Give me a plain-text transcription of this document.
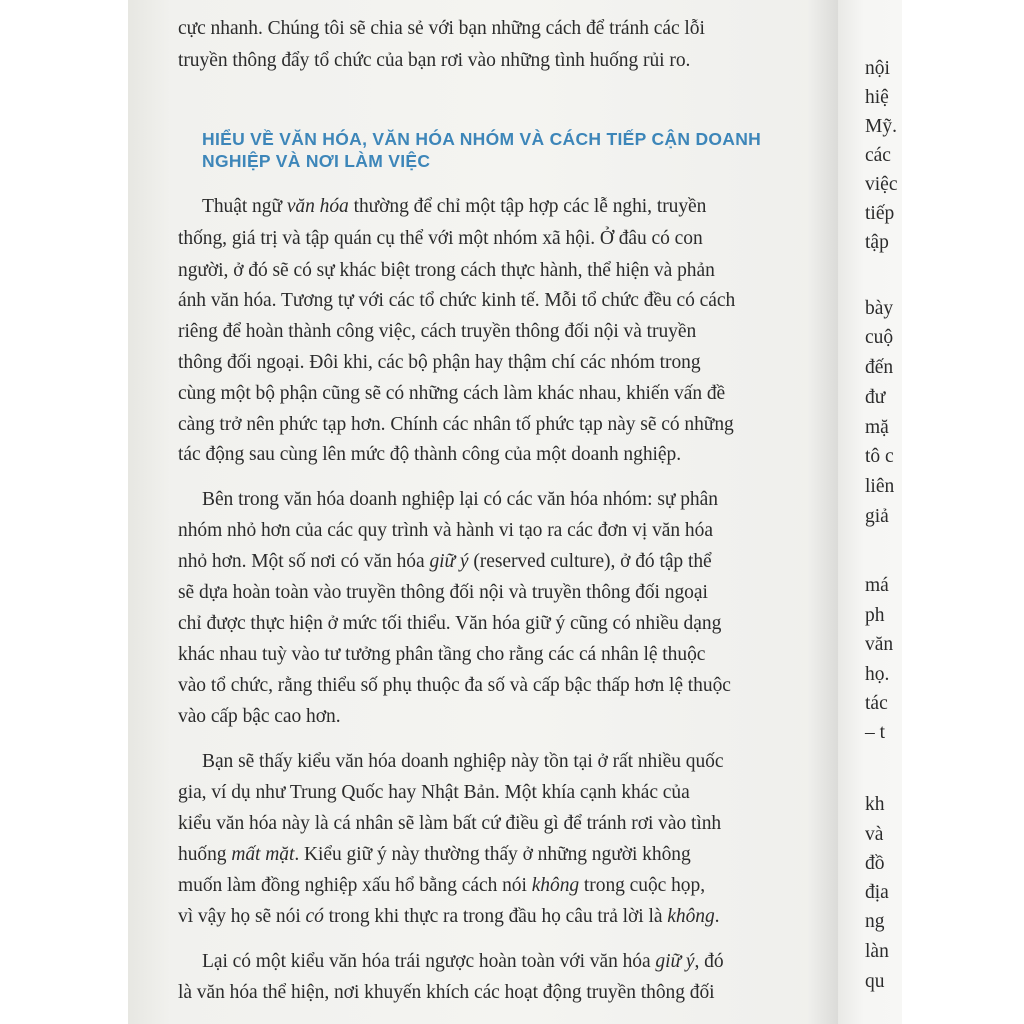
cực nhanh. Chúng tôi sẽ chia sẻ với bạn những cách để tránh các lỗi
truyền thông đẩy tổ chức của bạn rơi vào những tình huống rủi ro.
HIỂU VỀ VĂN HÓA, VĂN HÓA NHÓM VÀ CÁCH TIẾP CẬN DOANH
NGHIỆP VÀ NƠI LÀM VIỆC
Thuật ngữ văn hóa thường để chỉ một tập hợp các lễ nghi, truyền
thống, giá trị và tập quán cụ thể với một nhóm xã hội. Ở đâu có con
người, ở đó sẽ có sự khác biệt trong cách thực hành, thể hiện và phản
ánh văn hóa. Tương tự với các tổ chức kinh tế. Mỗi tổ chức đều có cách
riêng để hoàn thành công việc, cách truyền thông đối nội và truyền
thông đối ngoại. Đôi khi, các bộ phận hay thậm chí các nhóm trong
cùng một bộ phận cũng sẽ có những cách làm khác nhau, khiến vấn đề
càng trở nên phức tạp hơn. Chính các nhân tố phức tạp này sẽ có những
tác động sau cùng lên mức độ thành công của một doanh nghiệp.
Bên trong văn hóa doanh nghiệp lại có các văn hóa nhóm: sự phân
nhóm nhỏ hơn của các quy trình và hành vi tạo ra các đơn vị văn hóa
nhỏ hơn. Một số nơi có văn hóa giữ ý (reserved culture), ở đó tập thể
sẽ dựa hoàn toàn vào truyền thông đối nội và truyền thông đối ngoại
chỉ được thực hiện ở mức tối thiểu. Văn hóa giữ ý cũng có nhiều dạng
khác nhau tuỳ vào tư tưởng phân tầng cho rằng các cá nhân lệ thuộc
vào tổ chức, rằng thiểu số phụ thuộc đa số và cấp bậc thấp hơn lệ thuộc
vào cấp bậc cao hơn.
Bạn sẽ thấy kiểu văn hóa doanh nghiệp này tồn tại ở rất nhiều quốc
gia, ví dụ như Trung Quốc hay Nhật Bản. Một khía cạnh khác của
kiểu văn hóa này là cá nhân sẽ làm bất cứ điều gì để tránh rơi vào tình
huống mất mặt. Kiểu giữ ý này thường thấy ở những người không
muốn làm đồng nghiệp xấu hổ bằng cách nói không trong cuộc họp,
vì vậy họ sẽ nói có trong khi thực ra trong đầu họ câu trả lời là không.
Lại có một kiểu văn hóa trái ngược hoàn toàn với văn hóa giữ ý, đó
là văn hóa thể hiện, nơi khuyến khích các hoạt động truyền thông đối
nội
hiệ
Mỹ.
các
việc
tiếp
tập
bày
cuộ
đến
đư
mặ
tô c
liên
giả
má
ph
văn
họ.
tác
– t
kh
và
đồ
địa
ng
làn
qu
